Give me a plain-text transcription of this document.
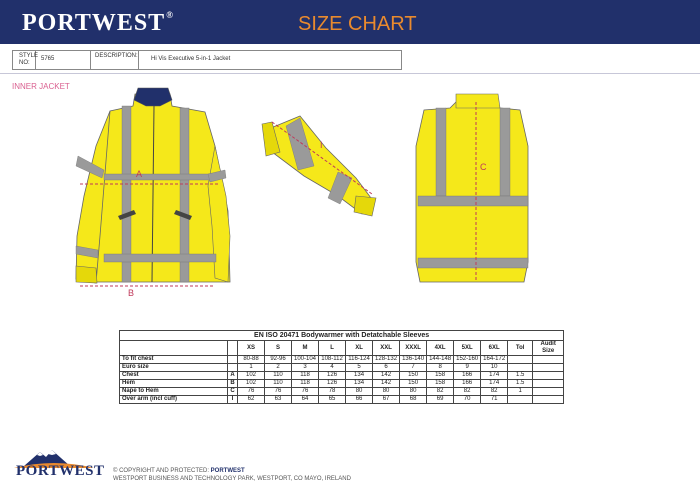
PORTWEST®	SIZE CHART
STYLE NO:
5765	DESCRIPTION:	Hi Vis Executive 5-in-1 Jacket
INNER JACKET
A
B
I
C
EN ISO 20471 Bodywarmer with Detatchable Sleeves													
		XS	S	M	L	XL	XXL	XXXL	4XL	5XL	6XL	Tol	Audit Size
To fit chest		80-88	92-96	100-104	108-112	116-124	128-132	136-140	144-148	152-160	164-172		
Euro size		1	2	3	4	5	6	7	8	9	10		
Chest	A	102	110	118	126	134	142	150	158	166	174	1.5	
Hem	B	102	110	118	126	134	142	150	158	166	174	1.5	
Nape to Hem	C	76	76	76	78	80	80	80	82	82	82	1	
Over arm (incl cuff)	I	62	63	64	65	66	67	68	69	70	71		
PORTWEST © COPYRIGHT AND PROTECTED: PORTWEST
WESTPORT BUSINESS AND TECHNOLOGY PARK, WESTPORT, CO MAYO, IRELAND
